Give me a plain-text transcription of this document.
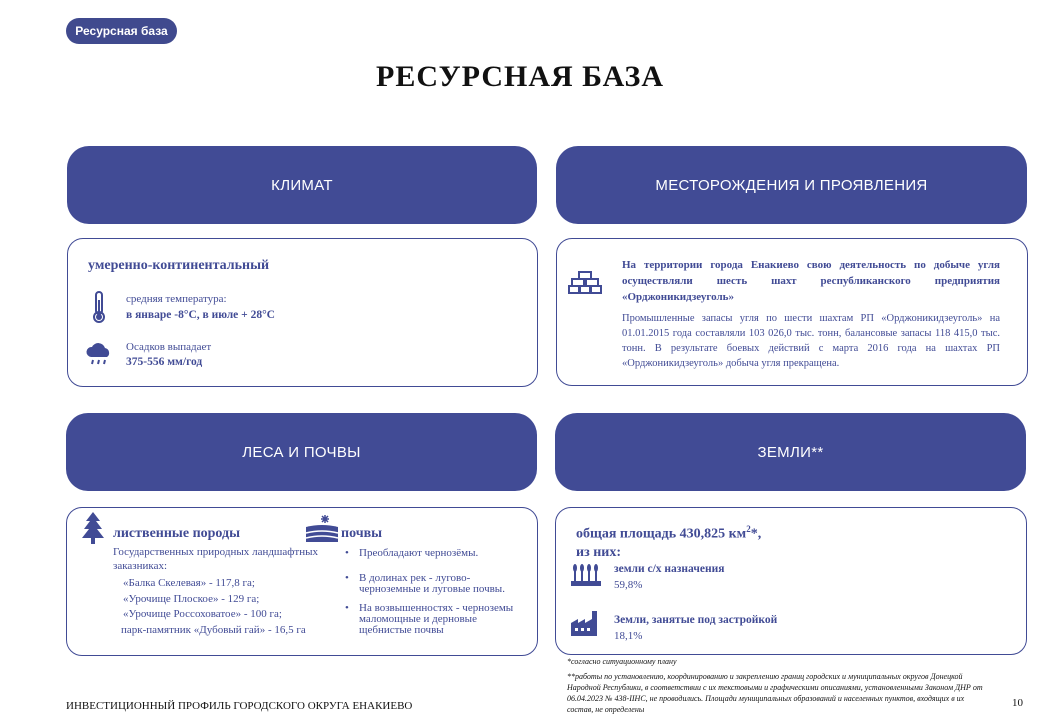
Ресурсная база
РЕСУРСНАЯ БАЗА
КЛИМАТ	МЕСТОРОЖДЕНИЯ И ПРОЯВЛЕНИЯ
ЛЕСА И ПОЧВЫ	ЗЕМЛИ**
умеренно-континентальный
средняя температура:
в январе -8°С, в июле + 28°С
Осадков выпадает
375-556 мм/год
На территории города Енакиево свою деятельность по добыче угля осуществляли шесть шахт республиканского предприятия «Орджоникидзеуголь»
Промышленные запасы угля по шести шахтам РП «Орджоникидзеуголь» на 01.01.2015 года составляли 103 026,0 тыс. тонн, балансовые запасы 118 415,0 тыс. тонн. В результате боевых действий с марта 2016 года на шахтах РП «Орджоникидзеуголь» добыча угля прекращена.
лиственные породы
Государственных природных ландшафтных заказниках:
«Балка Скелевая» - 117,8 га;
«Урочище Плоское» - 129 га;
«Урочище Россоховатое» - 100 га;
парк-памятник «Дубовый гай» - 16,5 га
почвы
• Преобладают чернозёмы.
• В долинах рек - лугово-черноземные и луговые почвы.
• На возвышенностях - черноземы маломощные и дерновые щебнистые почвы
общая площадь 430,825 $км^2*$,
из них:
земли с/х назначения
59,8%
Земли, занятые под застройкой
18,1%
*согласно ситуационному плану
**работы по установлению, координированию и закреплению границ городских и муниципальных округов Донецкой Народной Республики, в соответствии с их текстовыми и графическими описаниями, установленными Законом ДНР от 06.04.2023 № 438-ІІНС, не проводились. Площади муниципальных образований и населенных пунктов, входящих в их состав, не определены
ИНВЕСТИЦИОННЫЙ ПРОФИЛЬ ГОРОДСКОГО ОКРУГА ЕНАКИЕВО	10
